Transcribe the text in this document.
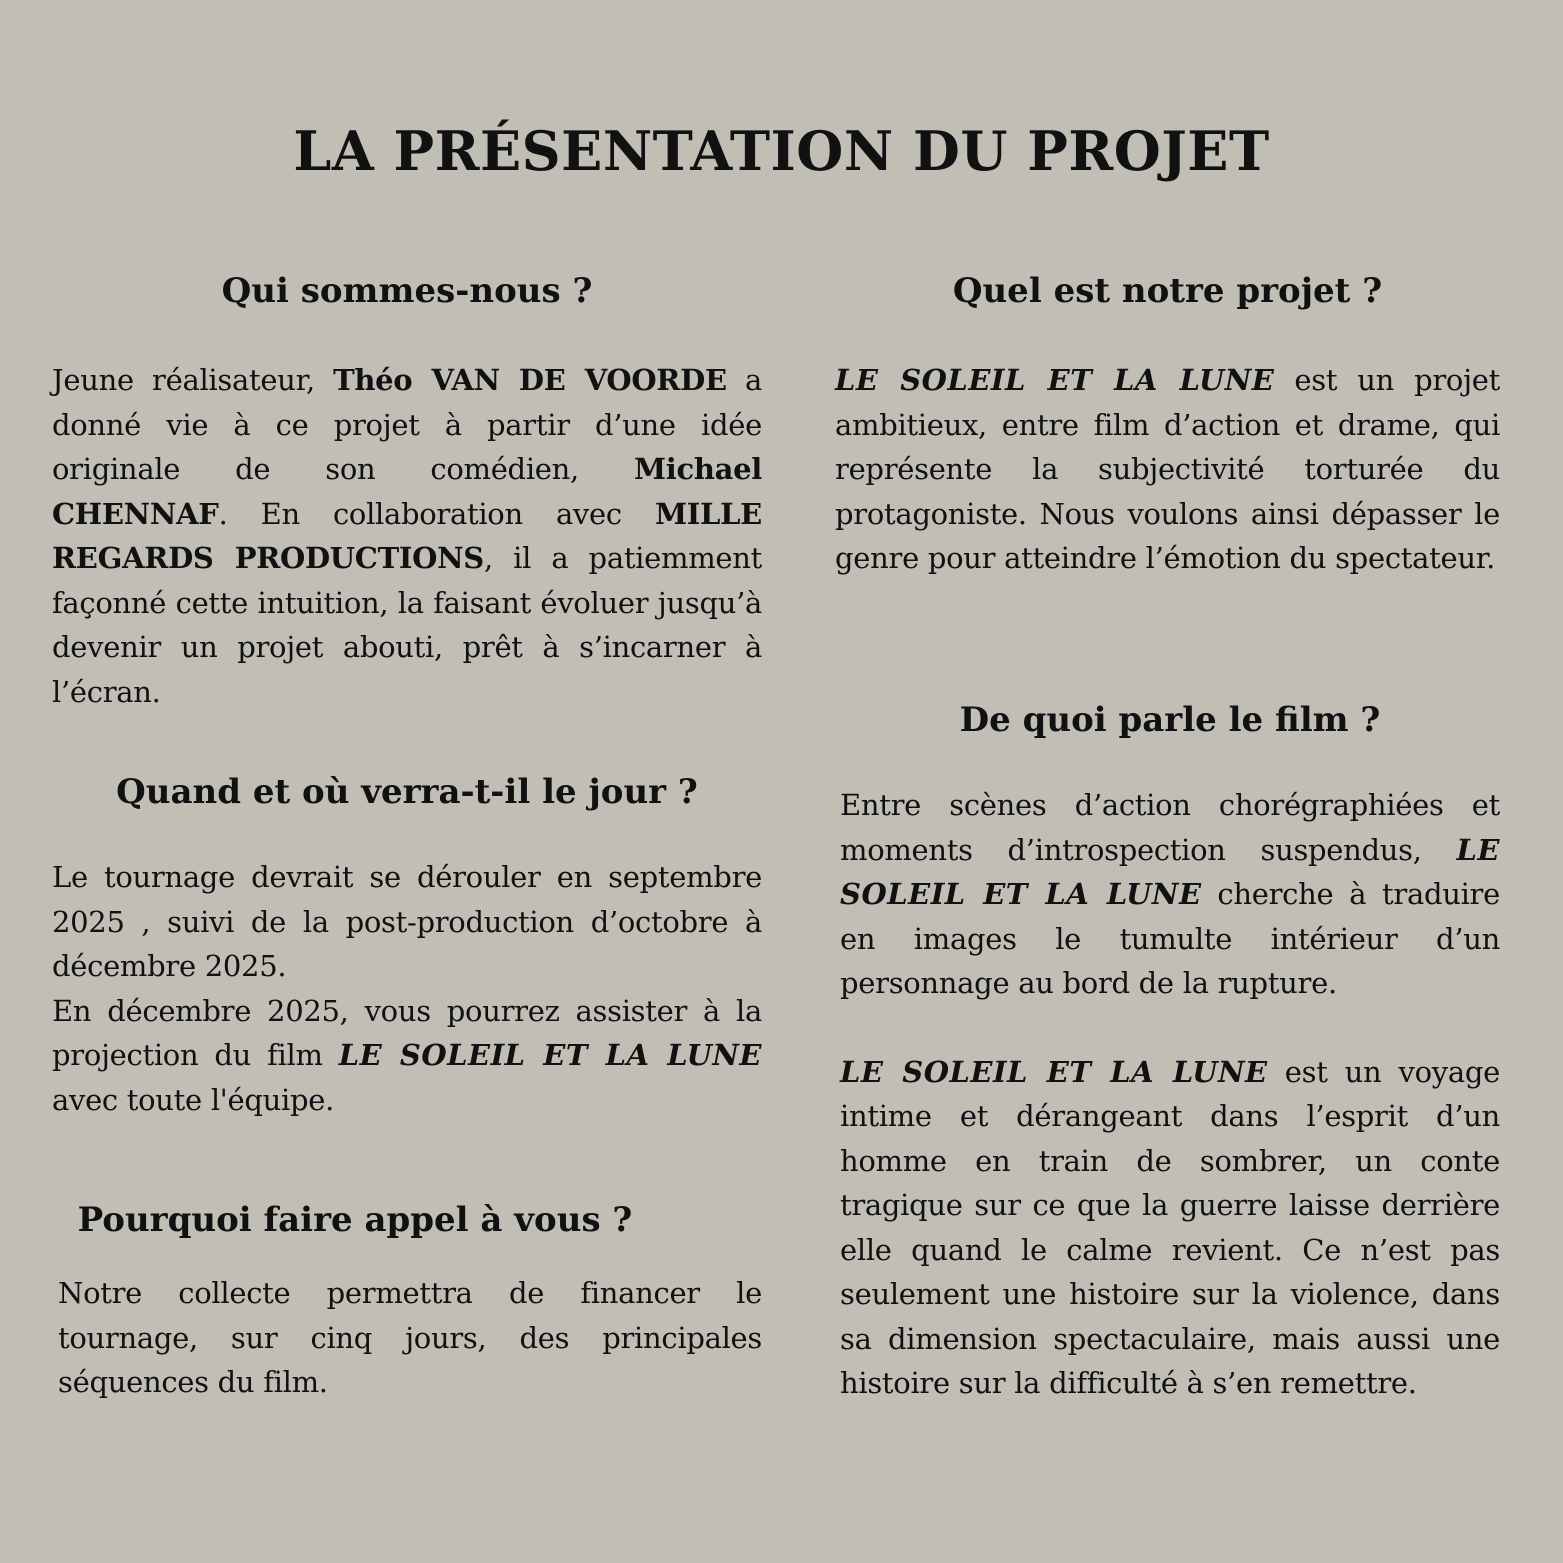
LA PRÉSENTATION DU PROJET
Qui sommes-nous ?

Jeune réalisateur, Théo VAN DE VOORDE a donné vie à ce projet à partir d’une idée originale de son comédien, Michael CHENNAF. En collaboration avec MILLE REGARDS PRODUCTIONS, il a patiemment façonné cette intuition, la faisant évoluer jusqu’à devenir un projet abouti, prêt à s’incarner à l’écran.

Quand et où verra-t-il le jour ?

Le tournage devrait se dérouler en septembre 2025 , suivi de la post-production d’octobre à décembre 2025.
En décembre 2025, vous pourrez assister à la projection du film LE SOLEIL ET LA LUNE avec toute l'équipe.

Pourquoi faire appel à vous ?

Notre collecte permettra de financer le tournage, sur cinq jours, des principales séquences du film.

Quel est notre projet ?

LE SOLEIL ET LA LUNE est un projet ambitieux, entre film d’action et drame, qui représente la subjectivité torturée du protagoniste. Nous voulons ainsi dépasser le genre pour atteindre l’émotion du spectateur.

De quoi parle le film ?

Entre scènes d’action chorégraphiées et moments d’introspection suspendus, LE SOLEIL ET LA LUNE cherche à traduire en images le tumulte intérieur d’un personnage au bord de la rupture.

LE SOLEIL ET LA LUNE est un voyage intime et dérangeant dans l’esprit d’un homme en train de sombrer, un conte tragique sur ce que la guerre laisse derrière elle quand le calme revient. Ce n’est pas seulement une histoire sur la violence, dans sa dimension spectaculaire, mais aussi une histoire sur la difficulté à s’en remettre.
